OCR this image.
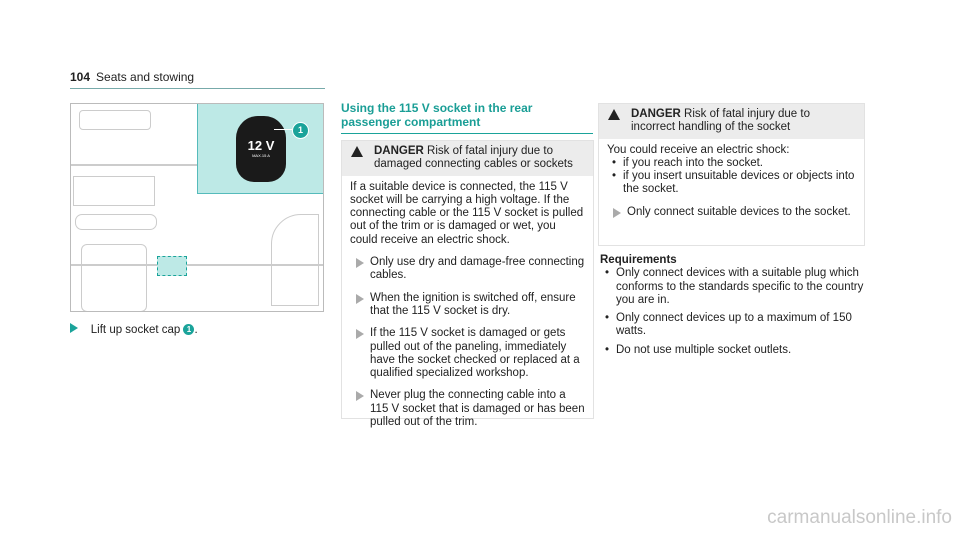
104 Seats and stowing
12 V
MAX.15 A
1
Lift up socket cap 1 .
Using the 115 V socket in the rear passenger compartment
DANGER Risk of fatal injury due to damaged connecting cables or sockets
If a suitable device is connected, the 115 V socket will be carrying a high voltage. If the connecting cable or the 115 V socket is pulled out of the trim or is damaged or wet, you could receive an electric shock.
Only use dry and damage-free connecting cables.
When the ignition is switched off, ensure that the 115 V socket is dry.
If the 115 V socket is damaged or gets pulled out of the paneling, immediately have the socket checked or replaced at a qualified specialized workshop.
Never plug the connecting cable into a 115 V socket that is damaged or has been pulled out of the trim.
DANGER Risk of fatal injury due to incorrect handling of the socket
You could receive an electric shock:
• if you reach into the socket.
• if you insert unsuitable devices or objects into the socket.
Only connect suitable devices to the socket.
Requirements
• Only connect devices with a suitable plug which conforms to the standards specific to the country you are in.
• Only connect devices up to a maximum of 150 watts.
• Do not use multiple socket outlets.
carmanualsonline.info
